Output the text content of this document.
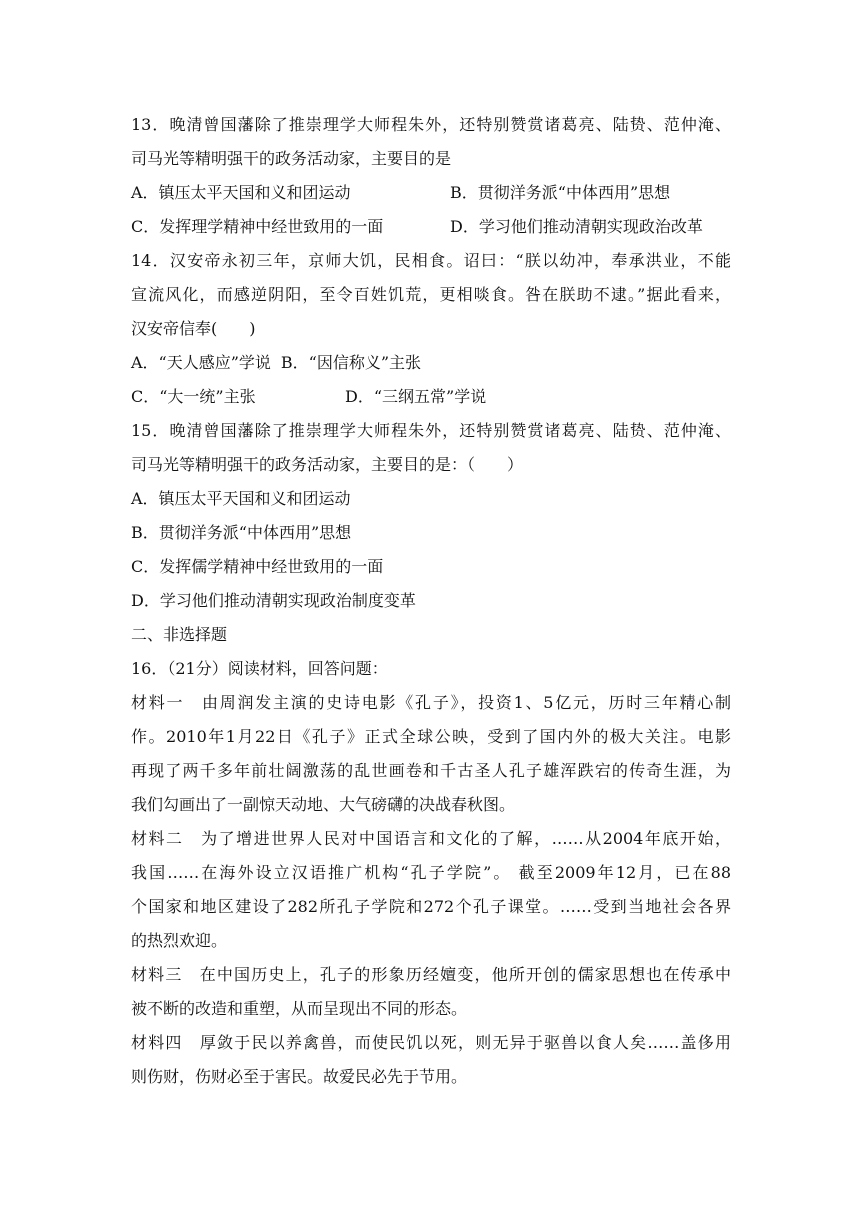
13．晚清曾国藩除了推崇理学大师程朱外，还特别赞赏诸葛亮、陆贽、范仲淹、
司马光等精明强干的政务活动家，主要目的是
A．镇压太平天国和义和团运动	B．贯彻洋务派“中体西用”思想
C．发挥理学精神中经世致用的一面	D．学习他们推动清朝实现政治改革
14．汉安帝永初三年，京师大饥，民相食。诏曰：“朕以幼冲，奉承洪业，不能
宣流风化，而感逆阴阳，至令百姓饥荒，更相啖食。咎在朕助不逮。”据此看来，
汉安帝信奉(　　)
A．“天人感应”学说 B．“因信称义”主张
C．“大一统”主张	D．“三纲五常”学说
15．晚清曾国藩除了推崇理学大师程朱外，还特别赞赏诸葛亮、陆贽、范仲淹、
司马光等精明强干的政务活动家，主要目的是：（　　）
A．镇压太平天国和义和团运动
B．贯彻洋务派“中体西用”思想
C．发挥儒学精神中经世致用的一面
D．学习他们推动清朝实现政治制度变革
二、非选择题
16．（21分）阅读材料，回答问题：
材料一　由周润发主演的史诗电影《孔子》，投资1、5亿元，历时三年精心制
作。2010年1月22日《孔子》正式全球公映，受到了国内外的极大关注。电影
再现了两千多年前壮阔激荡的乱世画卷和千古圣人孔子雄浑跌宕的传奇生涯，为
我们勾画出了一副惊天动地、大气磅礴的决战春秋图。
材料二　为了增进世界人民对中国语言和文化的了解，……从2004年底开始，
我国……在海外设立汉语推广机构“孔子学院”。 截至2009年12月，已在88
个国家和地区建设了282所孔子学院和272个孔子课堂。……受到当地社会各界
的热烈欢迎。
材料三　在中国历史上，孔子的形象历经嬗变，他所开创的儒家思想也在传承中
被不断的改造和重塑，从而呈现出不同的形态。
材料四　厚敛于民以养禽兽，而使民饥以死，则无异于驱兽以食人矣……盖侈用
则伤财，伤财必至于害民。故爱民必先于节用。
